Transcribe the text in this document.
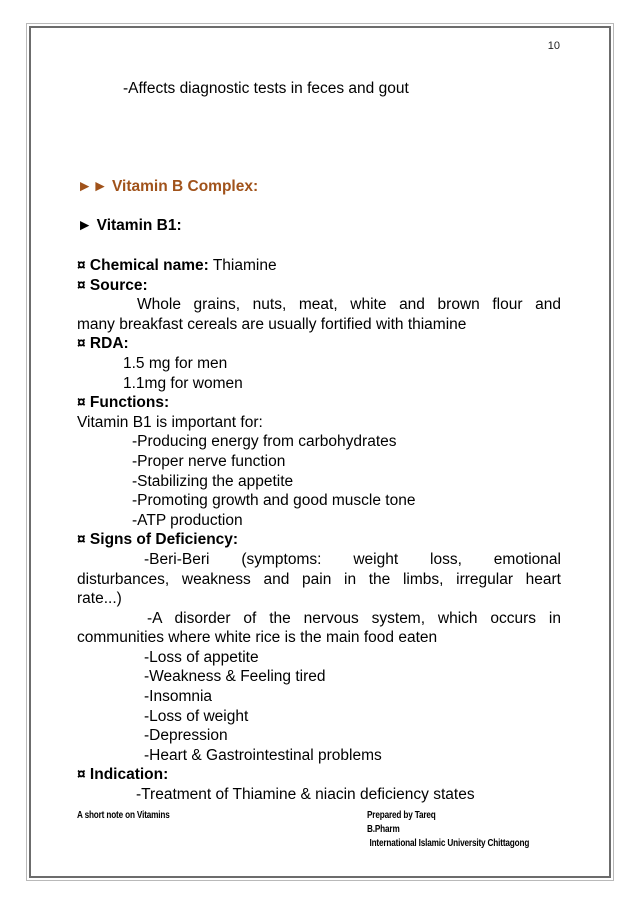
10
-Affects diagnostic tests in feces and gout
►► Vitamin B Complex:
► Vitamin B1:
¤ Chemical name: Thiamine
¤ Source:
Whole grains, nuts, meat, white and brown flour and
many breakfast cereals are usually fortified with thiamine
¤ RDA:
1.5 mg for men
1.1mg for women
¤ Functions:
Vitamin B1 is important for:
-Producing energy from carbohydrates
-Proper nerve function
-Stabilizing the appetite
-Promoting growth and good muscle tone
-ATP production
¤ Signs of Deficiency:
-Beri-Beri (symptoms: weight loss, emotional
disturbances, weakness and pain in the limbs, irregular heart
rate...)
-A disorder of the nervous system, which occurs in
communities where white rice is the main food eaten
-Loss of appetite
-Weakness & Feeling tired
-Insomnia
-Loss of weight
-Depression
-Heart & Gastrointestinal problems
¤ Indication:
-Treatment of Thiamine & niacin deficiency states
A short note on Vitamins	Prepared by Tareq
B.Pharm
International Islamic University Chittagong
